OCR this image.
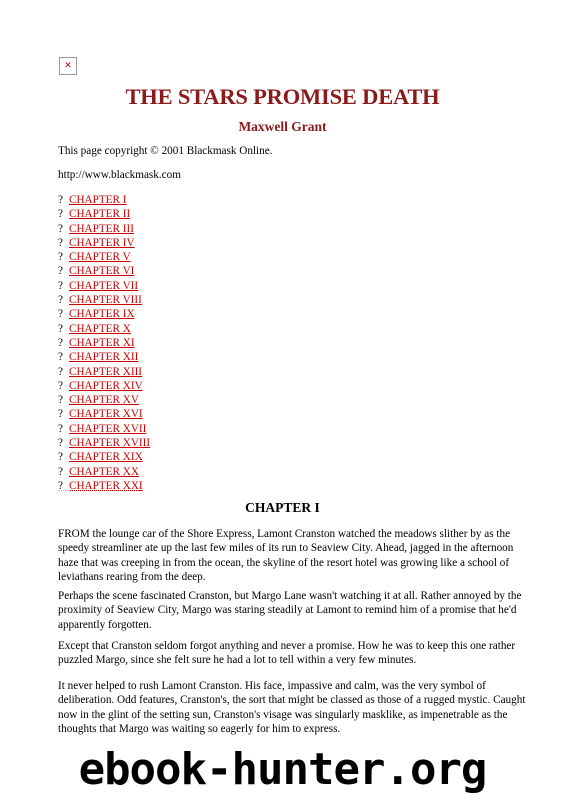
✕
THE STARS PROMISE DEATH
Maxwell Grant
This page copyright © 2001 Blackmask Online.
http://www.blackmask.com
? CHAPTER I
? CHAPTER II
? CHAPTER III
? CHAPTER IV
? CHAPTER V
? CHAPTER VI
? CHAPTER VII
? CHAPTER VIII
? CHAPTER IX
? CHAPTER X
? CHAPTER XI
? CHAPTER XII
? CHAPTER XIII
? CHAPTER XIV
? CHAPTER XV
? CHAPTER XVI
? CHAPTER XVII
? CHAPTER XVIII
? CHAPTER XIX
? CHAPTER XX
? CHAPTER XXI
CHAPTER I

FROM the lounge car of the Shore Express, Lamont Cranston watched the meadows slither by as the speedy streamliner ate up the last few miles of its run to Seaview City. Ahead, jagged in the afternoon haze that was creeping in from the ocean, the skyline of the resort hotel was growing like a school of leviathans rearing from the deep.

Perhaps the scene fascinated Cranston, but Margo Lane wasn't watching it at all. Rather annoyed by the proximity of Seaview City, Margo was staring steadily at Lamont to remind him of a promise that he'd apparently forgotten.

Except that Cranston seldom forgot anything and never a promise. How he was to keep this one rather puzzled Margo, since she felt sure he had a lot to tell within a very few minutes.

It never helped to rush Lamont Cranston. His face, impassive and calm, was the very symbol of deliberation. Odd features, Cranston's, the sort that might be classed as those of a rugged mystic. Caught now in the glint of the setting sun, Cranston's visage was singularly masklike, as impenetrable as the thoughts that Margo was waiting so eagerly for him to express.

ebook-hunter.org
